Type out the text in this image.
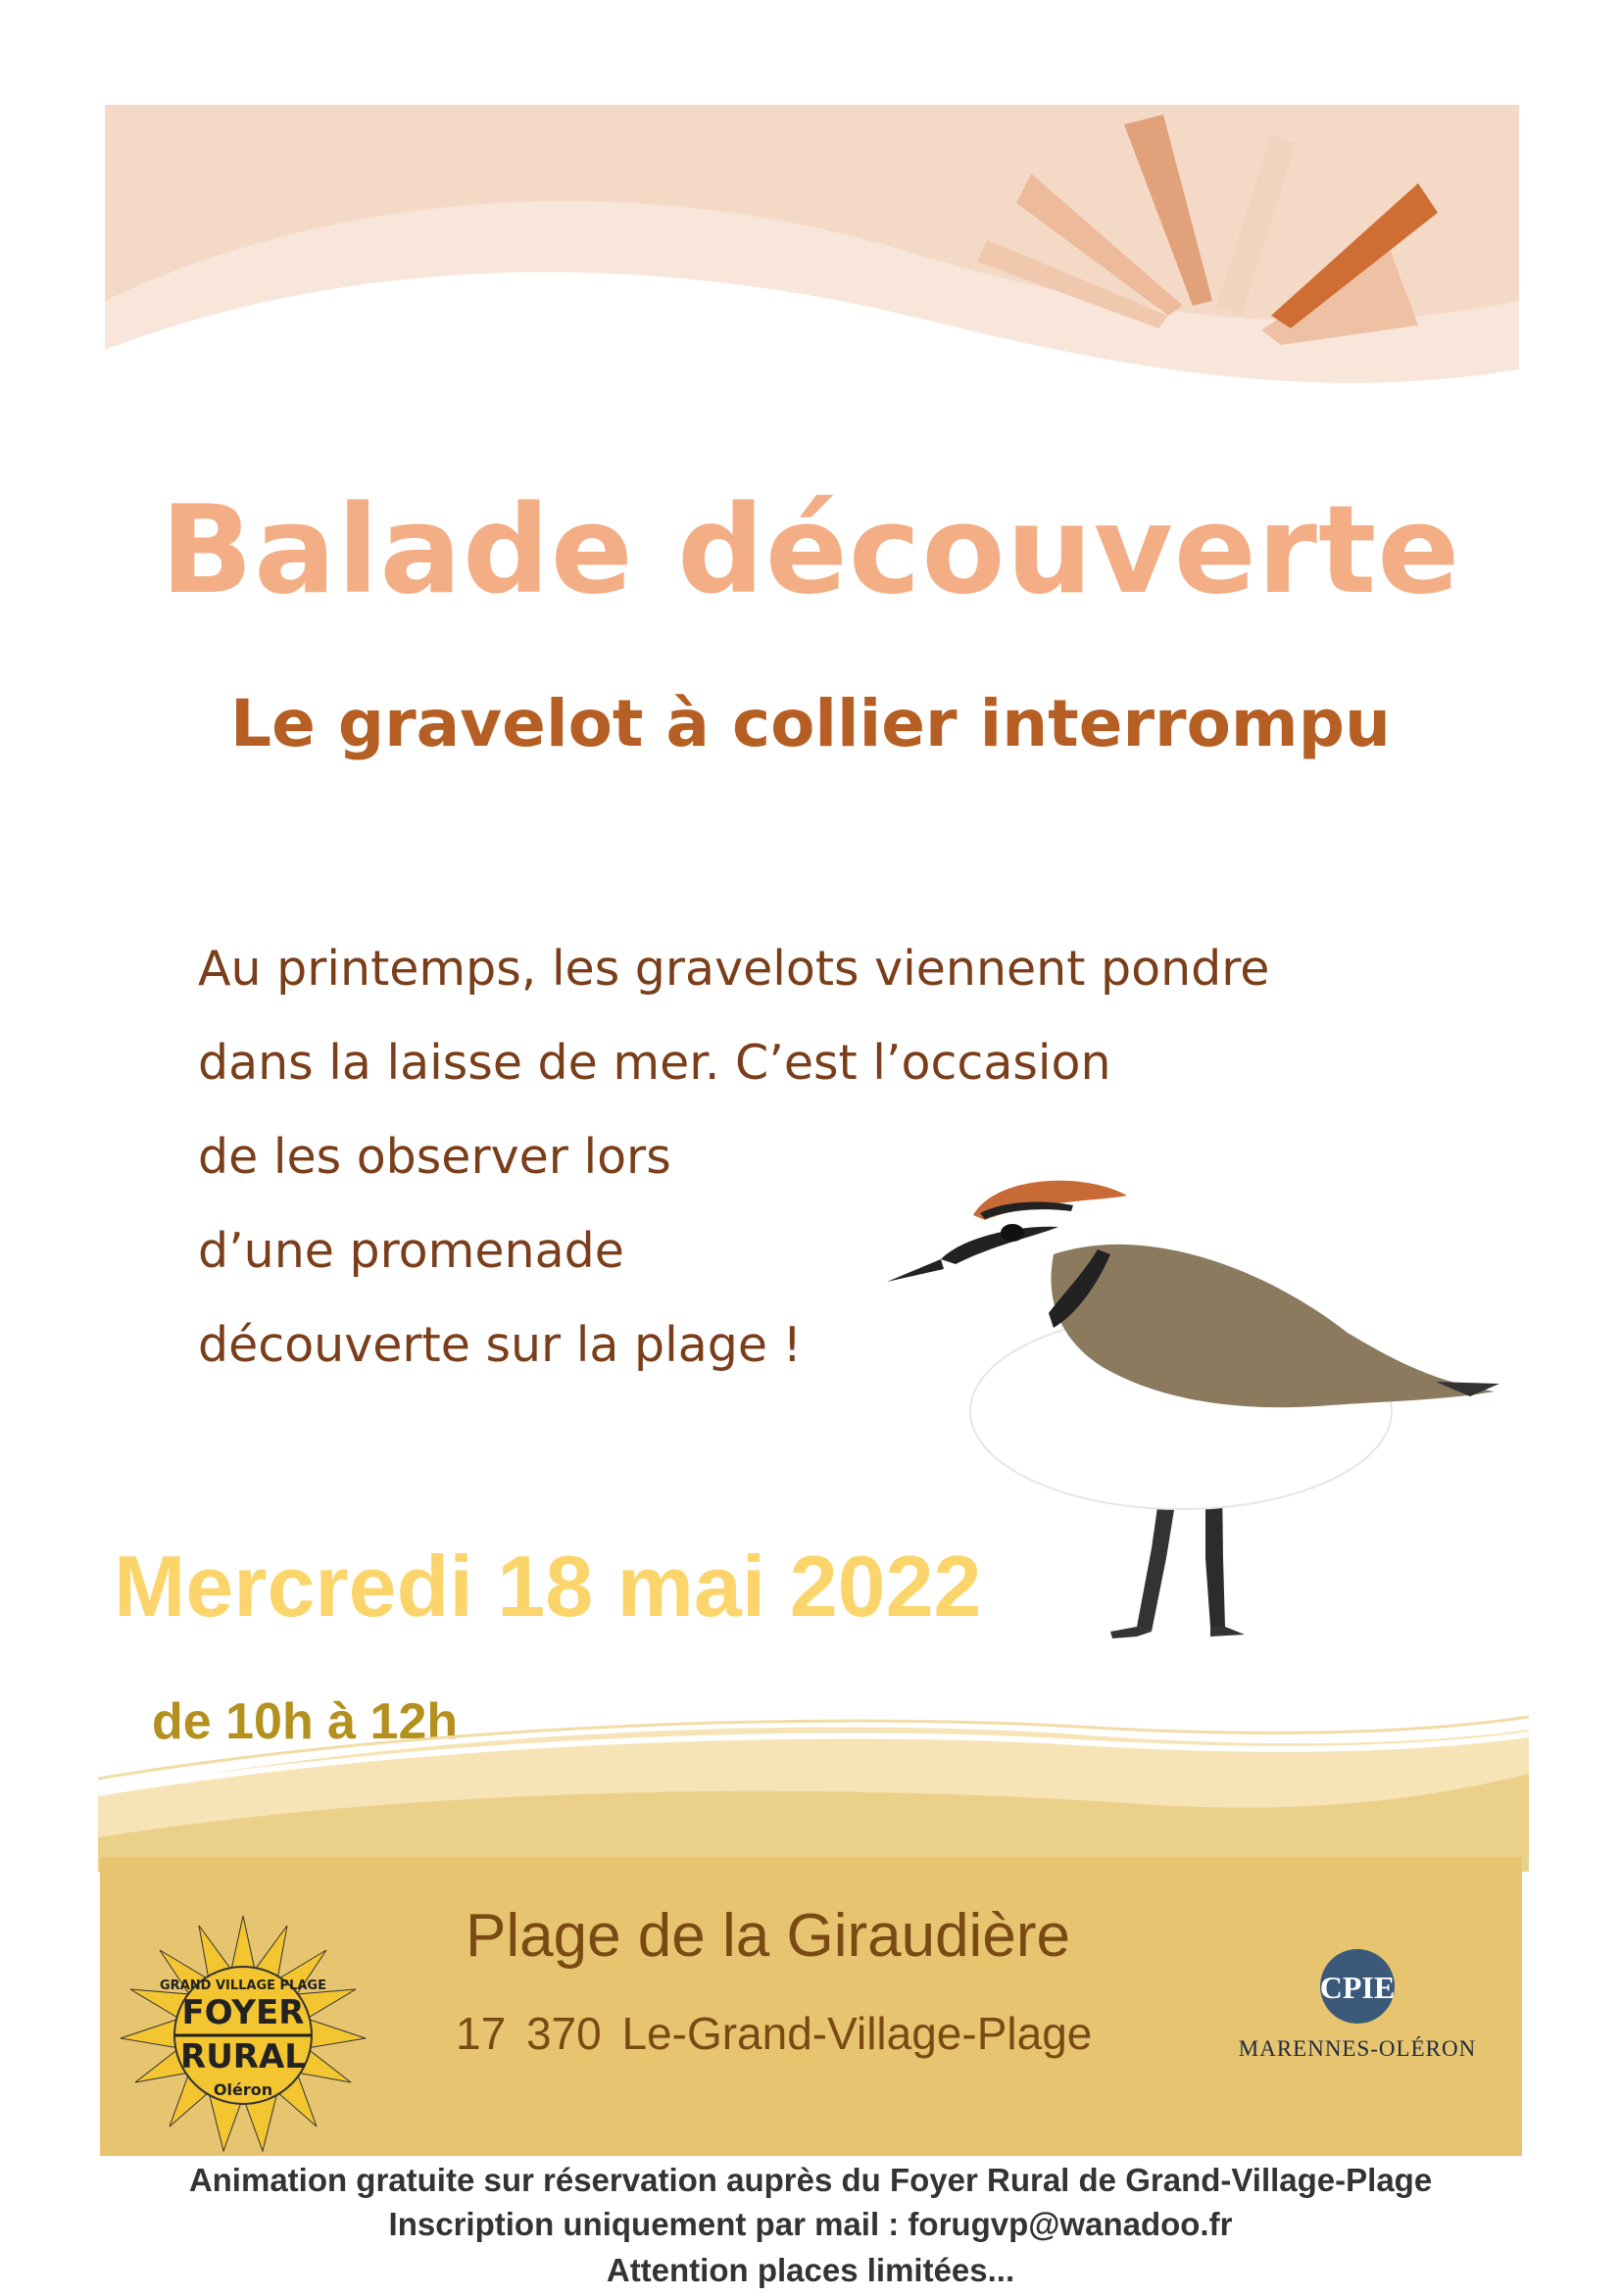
Balade découverte
Le gravelot à collier interrompu
Au printemps, les gravelots viennent pondre
dans la laisse de mer. C’est l’occasion
de les observer lors
d’une promenade
découverte sur la plage !
Mercredi 18 mai 2022
de 10h à 12h
GRAND VILLAGE PLAGE
FOYER
RURAL
Oléron
Plage de la Giraudière
17 370 Le-Grand-Village-Plage
CPIE
MARENNES-OLÉRON
Animation gratuite sur réservation auprès du Foyer Rural de Grand-Village-Plage
Inscription uniquement par mail : forugvp@wanadoo.fr
Attention places limitées...
